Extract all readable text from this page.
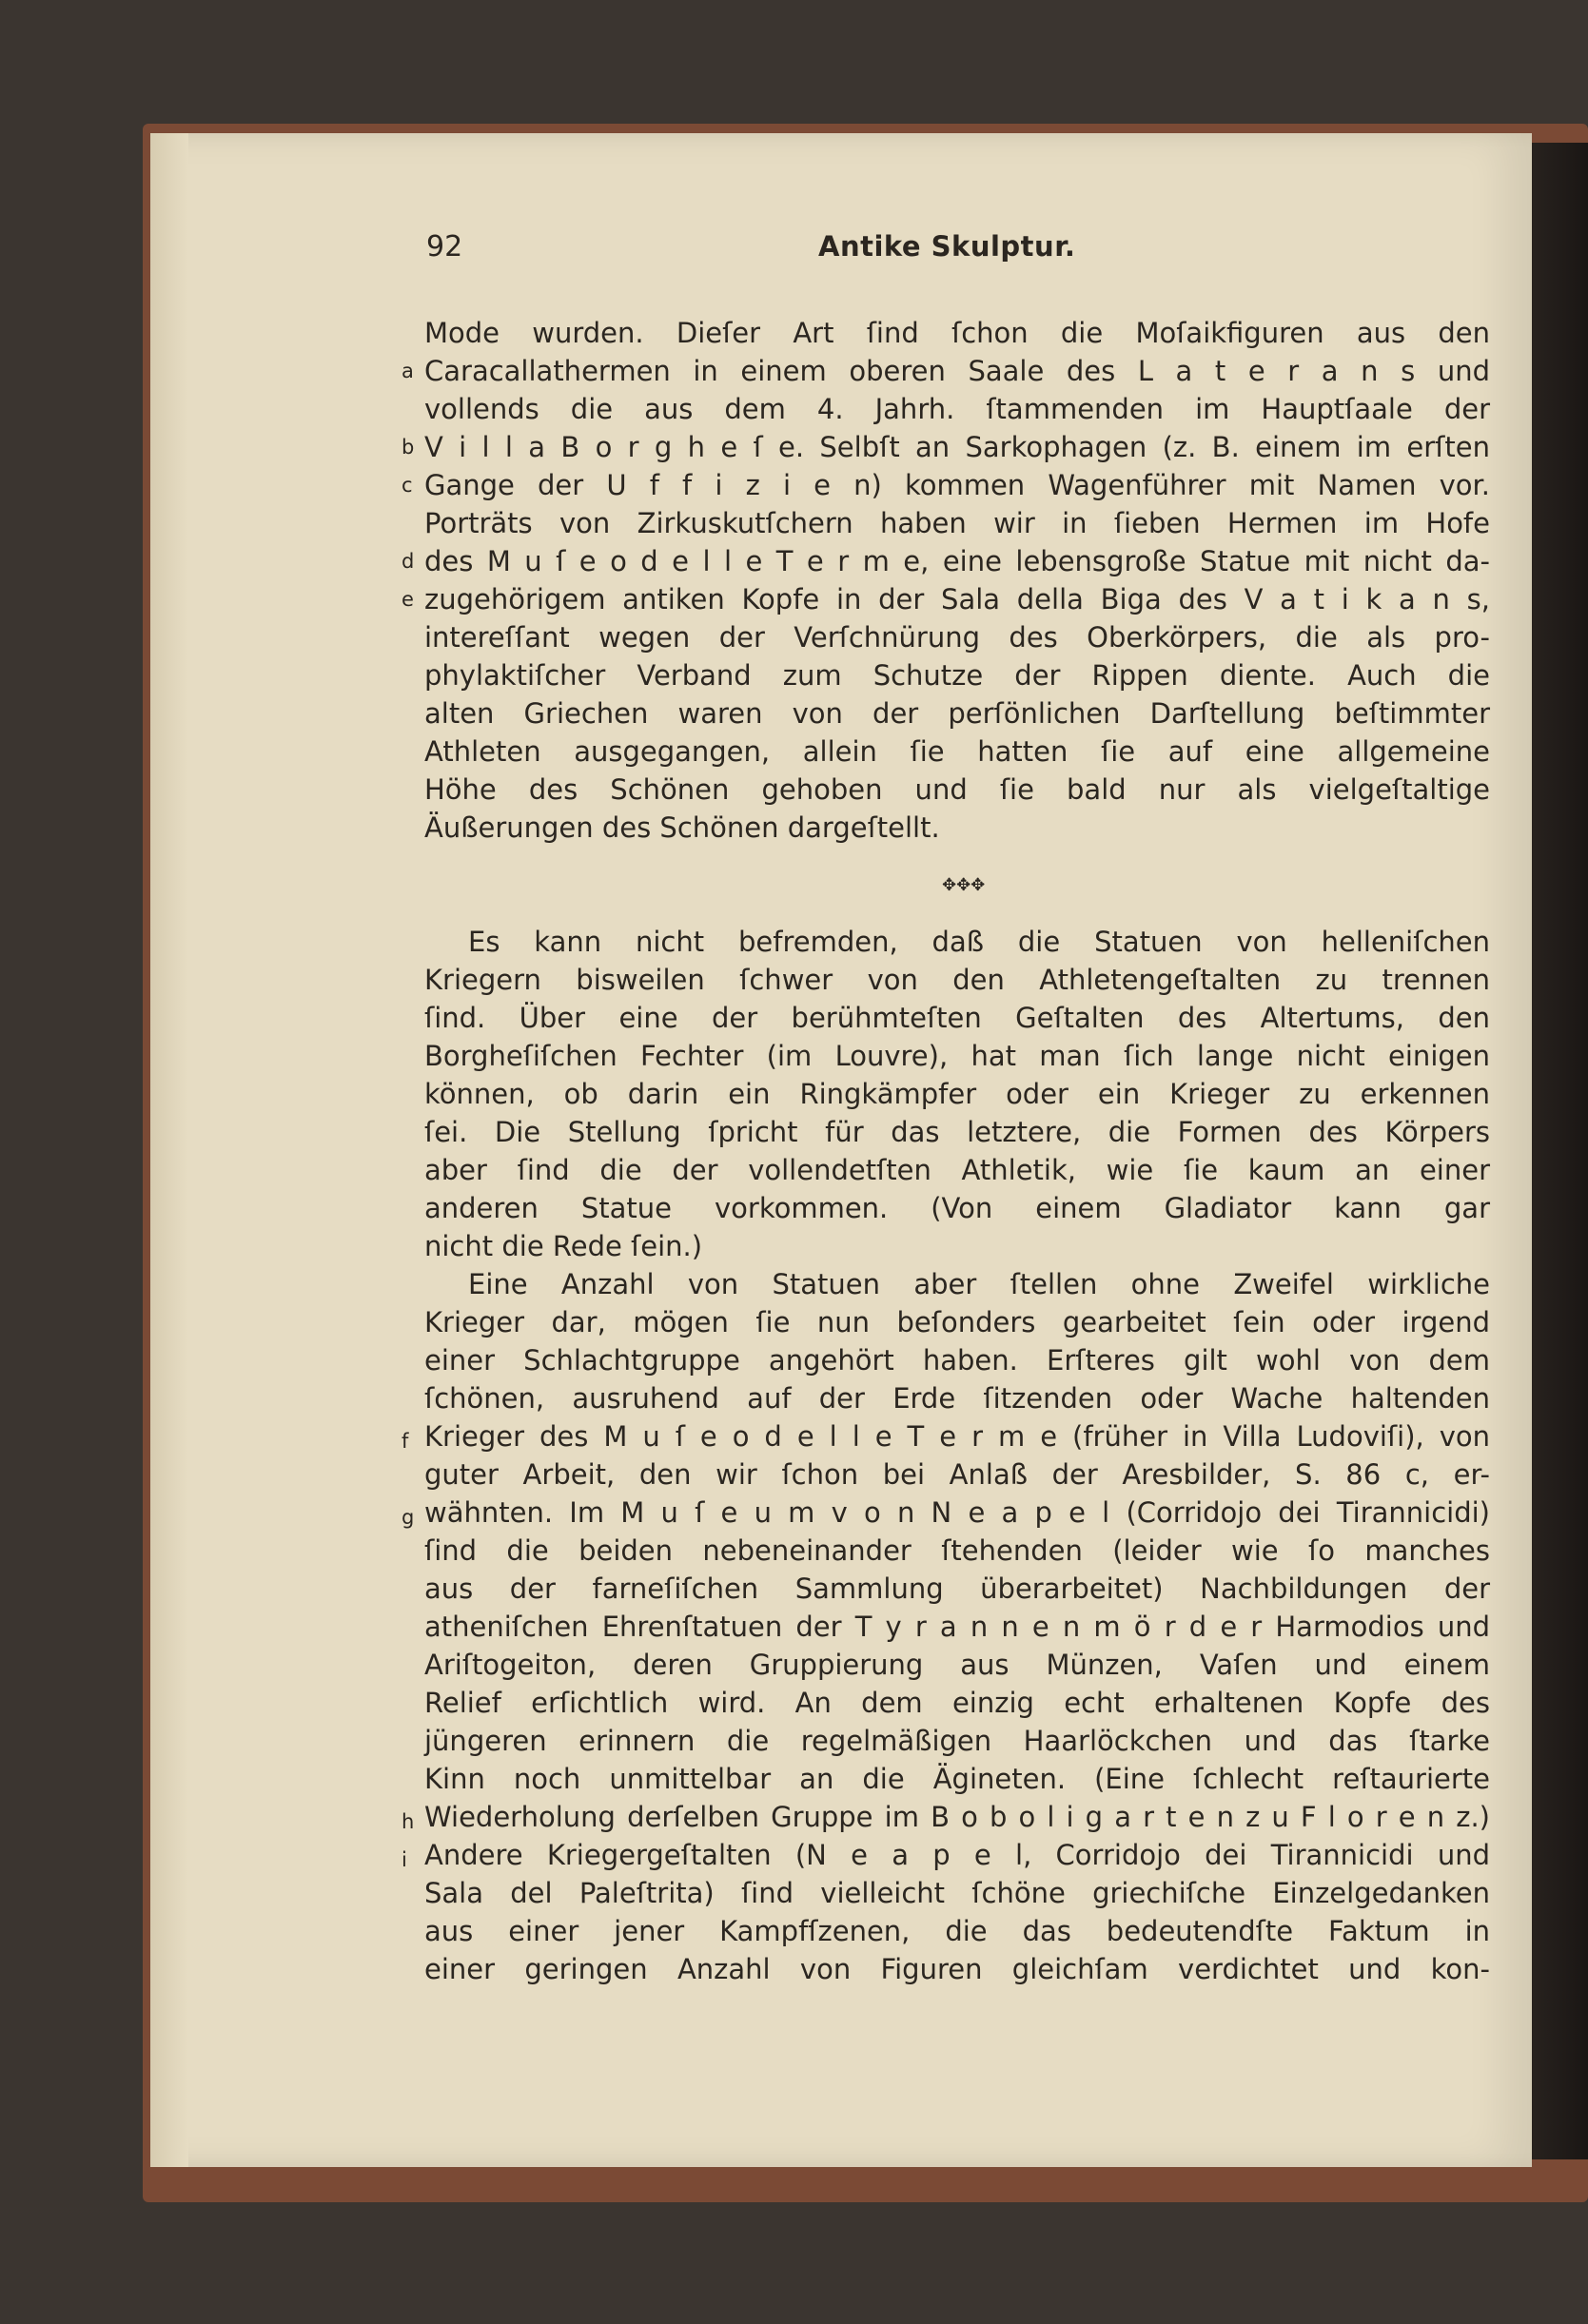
92	Antike Skulptur.
a
b
c
d
e
f
g
h
i
✥✥✥
Mode wurden. Dieſer Art ſind ſchon die Moſaikfiguren aus den
Caracallathermen in einem oberen Saale des L a t e r a n s und
vollends die aus dem 4. Jahrh. ſtammenden im Hauptſaale der
V i l l a B o r g h e ſ e. Selbſt an Sarkophagen (z. B. einem im erſten
Gange der U f f i z i e n) kommen Wagenführer mit Namen vor.
Porträts von Zirkuskutſchern haben wir in ſieben Hermen im Hofe
des M u ſ e o d e l l e T e r m e, eine lebensgroße Statue mit nicht da-
zugehörigem antiken Kopfe in der Sala della Biga des V a t i k a n s,
intereſſant wegen der Verſchnürung des Oberkörpers, die als pro-
phylaktiſcher Verband zum Schutze der Rippen diente. Auch die
alten Griechen waren von der perſönlichen Darſtellung beſtimmter
Athleten ausgegangen, allein ſie hatten ſie auf eine allgemeine
Höhe des Schönen gehoben und ſie bald nur als vielgeſtaltige
Äußerungen des Schönen dargeſtellt.
Es kann nicht befremden, daß die Statuen von helleniſchen
Kriegern bisweilen ſchwer von den Athletengeſtalten zu trennen
ſind. Über eine der berühmteſten Geſtalten des Altertums, den
Borgheſiſchen Fechter (im Louvre), hat man ſich lange nicht einigen
können, ob darin ein Ringkämpfer oder ein Krieger zu erkennen
ſei. Die Stellung ſpricht für das letztere, die Formen des Körpers
aber ſind die der vollendetſten Athletik, wie ſie kaum an einer
anderen Statue vorkommen. (Von einem Gladiator kann gar
nicht die Rede ſein.)
Eine Anzahl von Statuen aber ſtellen ohne Zweifel wirkliche
Krieger dar, mögen ſie nun beſonders gearbeitet ſein oder irgend
einer Schlachtgruppe angehört haben. Erſteres gilt wohl von dem
ſchönen, ausruhend auf der Erde ſitzenden oder Wache haltenden
Krieger des M u ſ e o d e l l e T e r m e (früher in Villa Ludoviſi), von
guter Arbeit, den wir ſchon bei Anlaß der Aresbilder, S. 86 c, er-
wähnten. Im M u ſ e u m v o n N e a p e l (Corridojo dei Tirannicidi)
ſind die beiden nebeneinander ſtehenden (leider wie ſo manches
aus der farneſiſchen Sammlung überarbeitet) Nachbildungen der
atheniſchen Ehrenſtatuen der T y r a n n e n m ö r d e r Harmodios und
Ariſtogeiton, deren Gruppierung aus Münzen, Vaſen und einem
Relief erſichtlich wird. An dem einzig echt erhaltenen Kopfe des
jüngeren erinnern die regelmäßigen Haarlöckchen und das ſtarke
Kinn noch unmittelbar an die Ägineten. (Eine ſchlecht reſtaurierte
Wiederholung derſelben Gruppe im B o b o l i g a r t e n z u F l o r e n z.)
Andere Kriegergeſtalten (N e a p e l, Corridojo dei Tirannicidi und
Sala del Paleſtrita) ſind vielleicht ſchöne griechiſche Einzelgedanken
aus einer jener Kampfſzenen, die das bedeutendſte Faktum in
einer geringen Anzahl von Figuren gleichſam verdichtet und kon-
